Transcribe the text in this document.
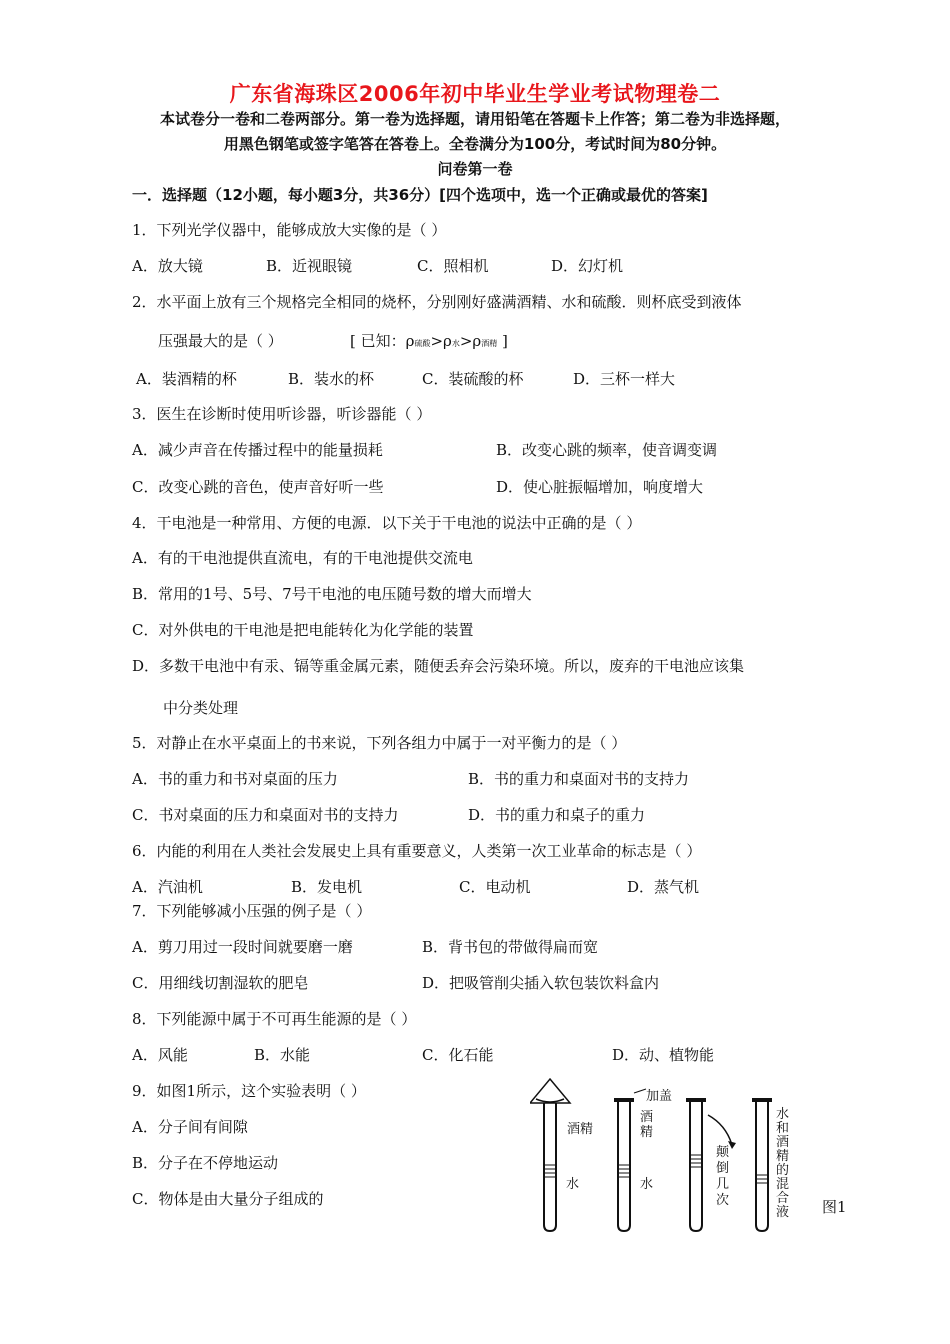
广东省海珠区2006年初中毕业生学业考试物理卷二
本试卷分一卷和二卷两部分。第一卷为选择题，请用铅笔在答题卡上作答；第二卷为非选择题，
用黑色钢笔或签字笔答在答卷上。全卷满分为100分，考试时间为80分钟。
问卷第一卷
一．选择题（12小题，每小题3分，共36分）[四个选项中，选一个正确或最优的答案]
1．下列光学仪器中，能够成放大实像的是（ ）
A．放大镜	B．近视眼镜	C．照相机	D．幻灯机
2．水平面上放有三个规格完全相同的烧杯，分别刚好盛满酒精、水和硫酸．则杯底受到液体
压强最大的是（ ）	[ 已知：ρ硫酸>ρ水>ρ酒精 ]
A．装酒精的杯	B．装水的杯	C．装硫酸的杯	D．三杯一样大
3．医生在诊断时使用听诊器，听诊器能（ ）
A．减少声音在传播过程中的能量损耗	B．改变心跳的频率，使音调变调
C．改变心跳的音色，使声音好听一些	D．使心脏振幅增加，响度增大
4．干电池是一种常用、方便的电源．以下关于干电池的说法中正确的是（ ）
A．有的干电池提供直流电，有的干电池提供交流电
B．常用的1号、5号、7号干电池的电压随号数的增大而增大
C．对外供电的干电池是把电能转化为化学能的装置
D．多数干电池中有汞、镉等重金属元素，随便丢弃会污染环境。所以，废弃的干电池应该集
中分类处理
5．对静止在水平桌面上的书来说，下列各组力中属于一对平衡力的是（ ）
A．书的重力和书对桌面的压力	B．书的重力和桌面对书的支持力
C．书对桌面的压力和桌面对书的支持力	D．书的重力和桌子的重力
6．内能的利用在人类社会发展史上具有重要意义，人类第一次工业革命的标志是（ ）
A．汽油机	B．发电机	C．电动机	D．蒸气机
7．下列能够减小压强的例子是（ ）
A．剪刀用过一段时间就要磨一磨	B．背书包的带做得扁而宽
C．用细线切割湿软的肥皂	D．把吸管削尖插入软包装饮料盒内
8．下列能源中属于不可再生能源的是（ ）
A．风能	B．水能	C．化石能	D．动、植物能
9．如图1所示，这个实验表明（ ）
A．分子间有间隙
B．分子在不停地运动
C．物体是由大量分子组成的
酒精
水
加盖
酒精
水
颠倒几次
水和酒精的混合液 图1
